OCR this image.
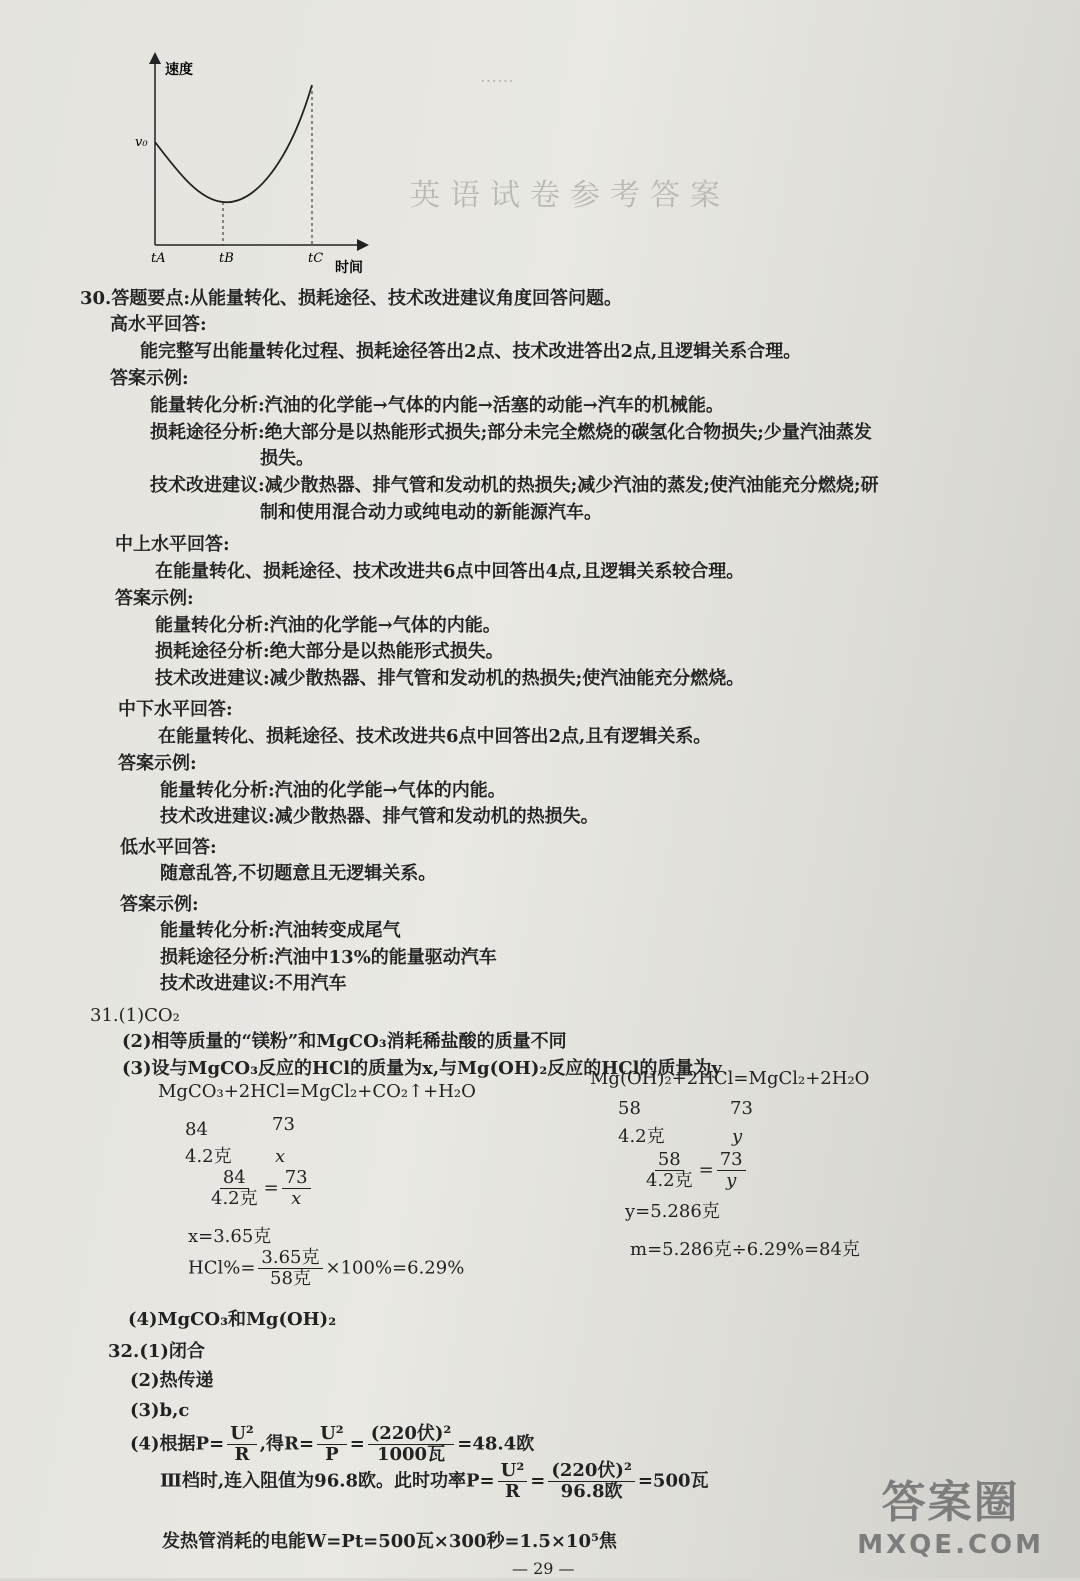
……　　　　　　　　　　　　　
英语试卷参考答案
速度
v₀
tA	tB	tC
时间
30.答题要点:从能量转化、损耗途径、技术改进建议角度回答问题。
高水平回答:
能完整写出能量转化过程、损耗途径答出2点、技术改进答出2点,且逻辑关系合理。
答案示例:
能量转化分析:汽油的化学能→气体的内能→活塞的动能→汽车的机械能。
损耗途径分析:绝大部分是以热能形式损失;部分未完全燃烧的碳氢化合物损失;少量汽油蒸发
损失。
技术改进建议:减少散热器、排气管和发动机的热损失;减少汽油的蒸发;使汽油能充分燃烧;研
制和使用混合动力或纯电动的新能源汽车。
中上水平回答:
在能量转化、损耗途径、技术改进共6点中回答出4点,且逻辑关系较合理。
答案示例:
能量转化分析:汽油的化学能→气体的内能。
损耗途径分析:绝大部分是以热能形式损失。
技术改进建议:减少散热器、排气管和发动机的热损失;使汽油能充分燃烧。
中下水平回答:
在能量转化、损耗途径、技术改进共6点中回答出2点,且有逻辑关系。
答案示例:
能量转化分析:汽油的化学能→气体的内能。
技术改进建议:减少散热器、排气管和发动机的热损失。
低水平回答:
随意乱答,不切题意且无逻辑关系。
答案示例:
能量转化分析:汽油转变成尾气
损耗途径分析:汽油中13%的能量驱动汽车
技术改进建议:不用汽车
31.(1)CO₂
(2)相等质量的“镁粉”和MgCO₃消耗稀盐酸的质量不同
(3)设与MgCO₃反应的HCl的质量为x,与Mg(OH)₂反应的HCl的质量为y
MgCO₃+2HCl=MgCl₂+CO₂↑+H₂O
Mg(OH)₂+2HCl=MgCl₂+2H₂O
58	73
84	73
4.2克	y
4.2克 x
$\frac{84}{\text{4.2克}} = \frac{73}{x}$	$\frac{58}{\text{4.2克}} = \frac{73}{y}$
y=5.286克
x=3.65克
m=5.286克÷6.29%=84克
$HCl\%= \frac{\text{3.65克}}{\text{58克}} \times 100\%=6.29\%$
(4)MgCO₃和Mg(OH)₂
32.(1)闭合
(2)热传递
(3)b,c
(4)根据$P= \frac{\text{U²}}{R}$ ,得$R= \frac{\text{U²}}{P} = \frac{\text{(220伏)²}}{\text{1000瓦}} =48.4$欧
Ⅲ档时,连入阻值为96.8欧。此时功率$P= \frac{\text{U²}}{R} = \frac{\text{(220伏)²}}{\text{96.8欧}} =500$瓦
发热管消耗的电能W=Pt=500瓦×300秒=1.5×10⁵焦
— 29 —
答案圈
MXQE.COM
